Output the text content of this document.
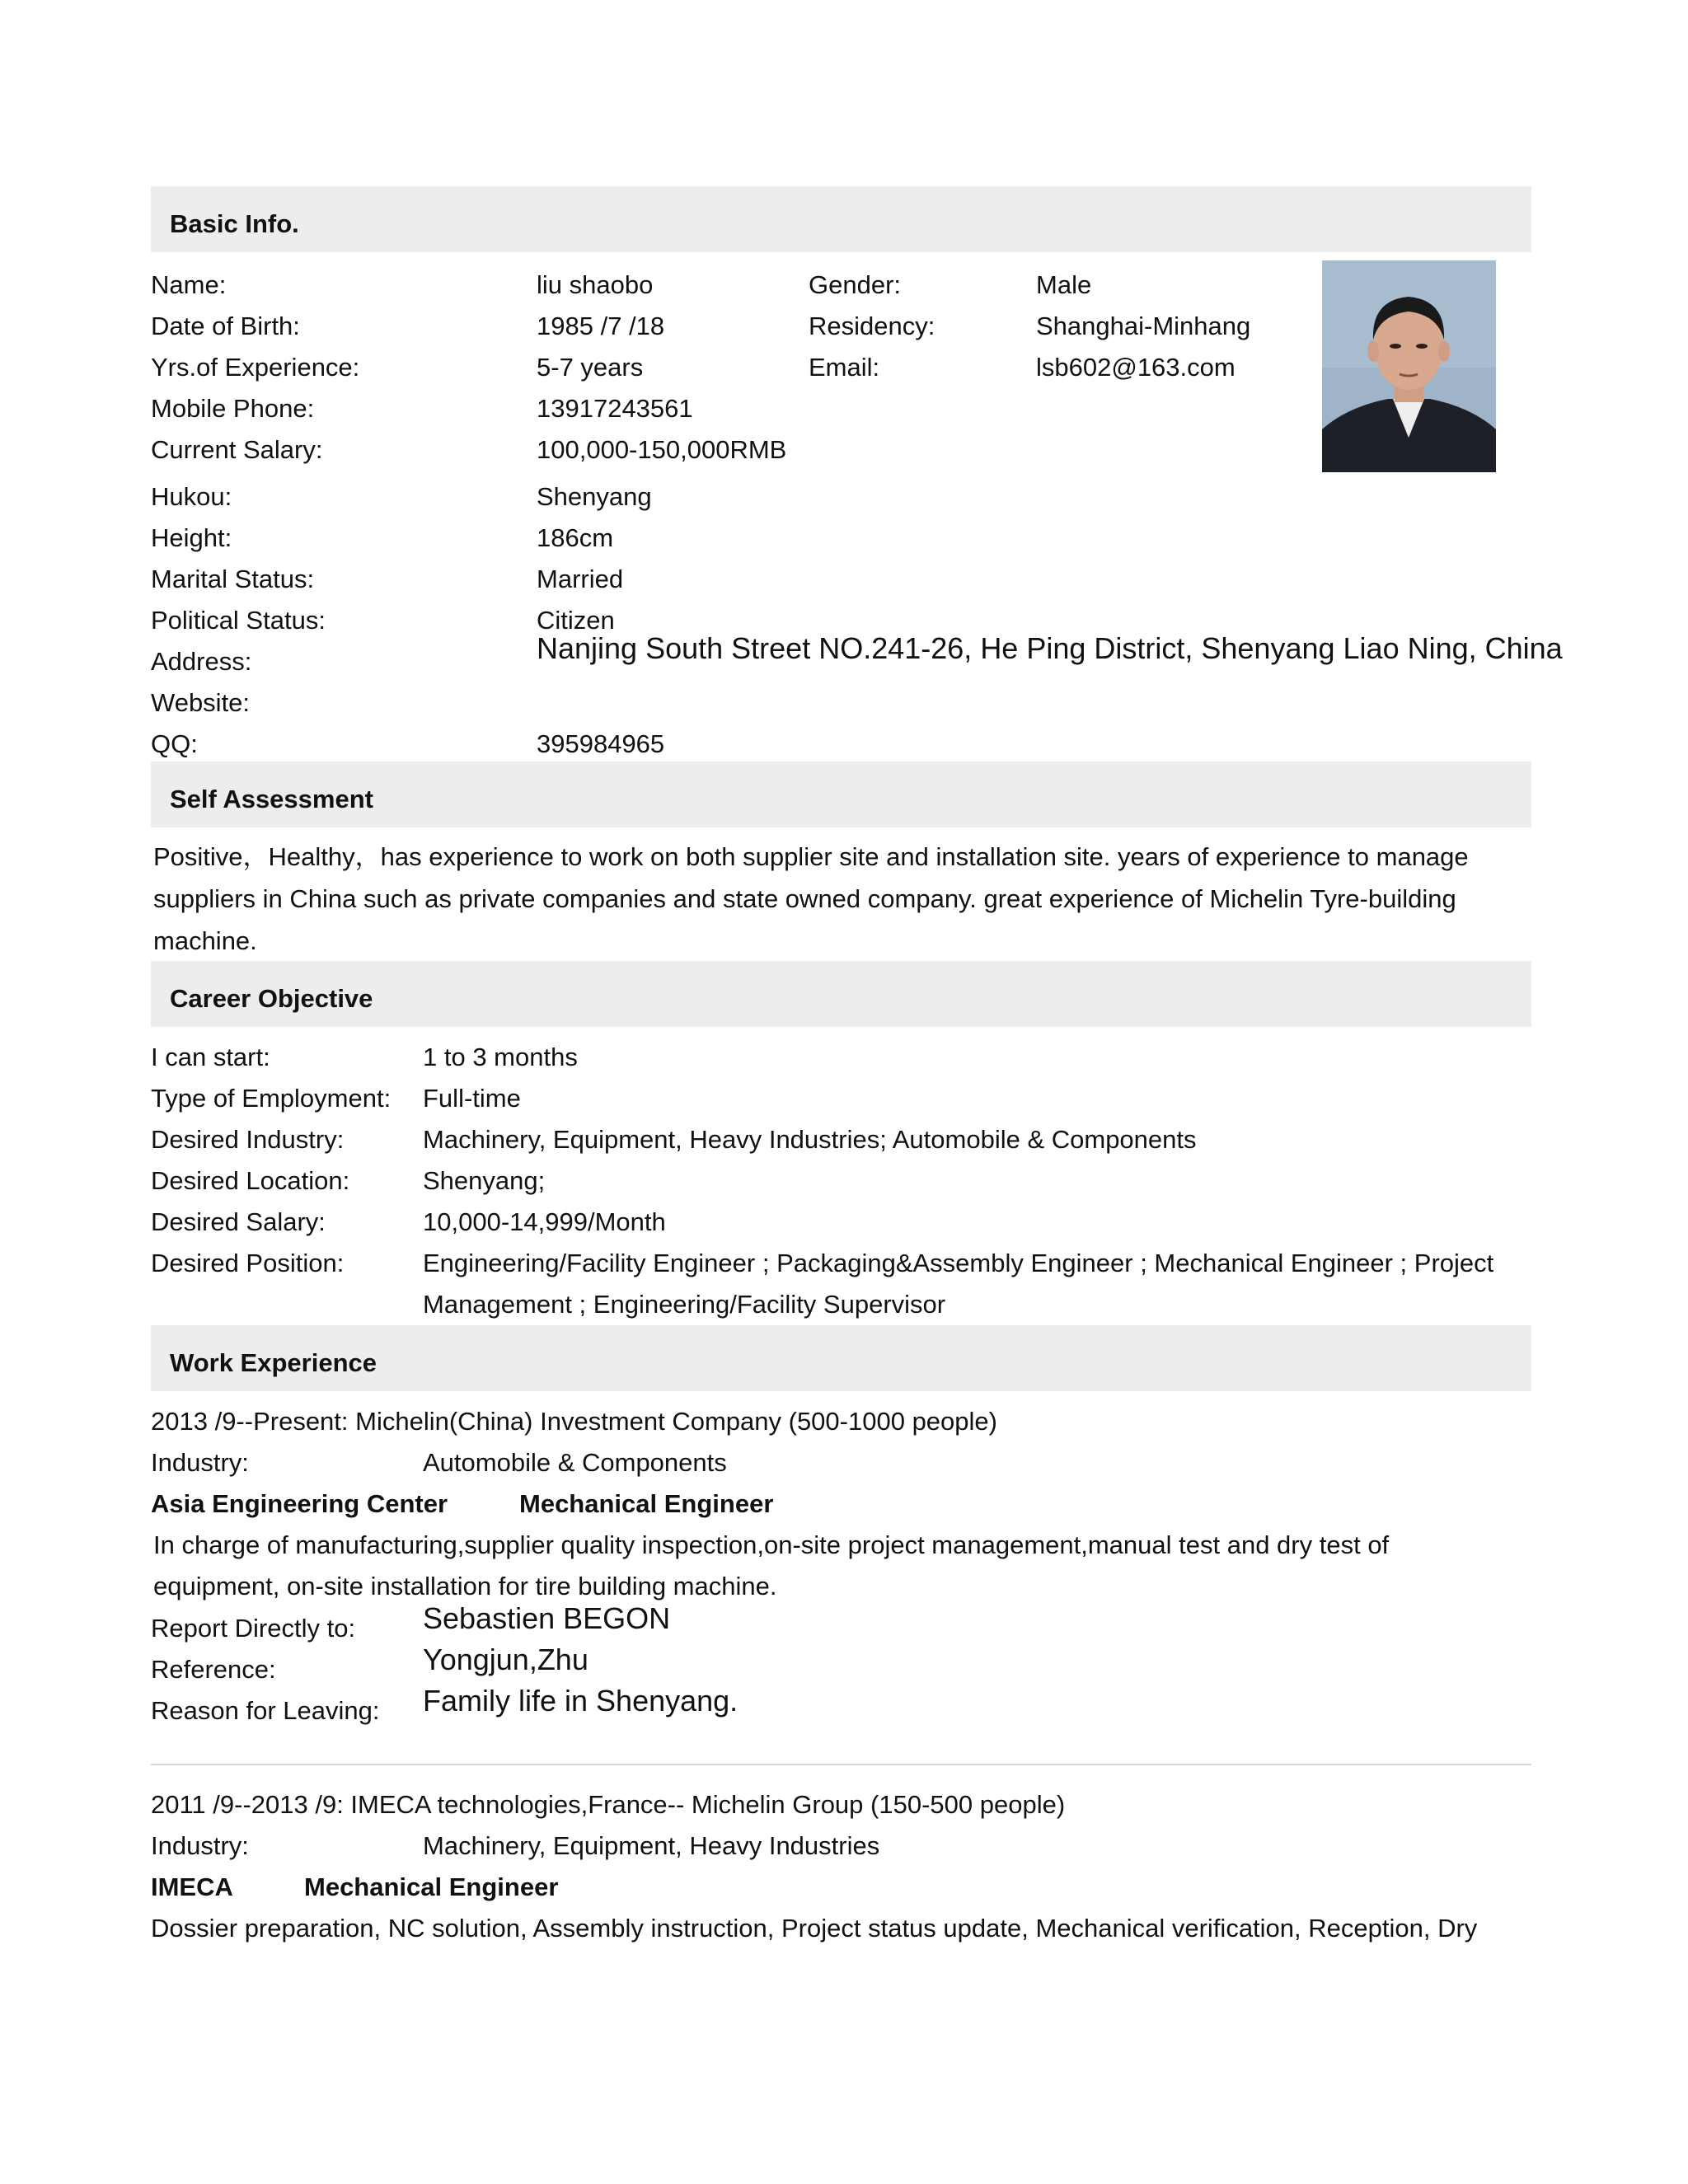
Basic Info.
Name:	liu shaobo	Gender:	Male
Date of Birth:	1985 /7 /18	Residency:	Shanghai-Minhang
Yrs.of Experience:	5-7 years	Email:	lsb602@163.com
Mobile Phone:	13917243561
Current Salary:	100,000-150,000RMB
Hukou:	Shenyang
Height:	186cm
Marital Status:	Married
Political Status:	Citizen
Address:	Nanjing South Street NO.241-26, He Ping District, Shenyang Liao Ning, China
Website:
QQ:	395984965
Self Assessment
Positive，Healthy，has experience to work on both supplier site and installation site. years of experience to manage suppliers in China such as private companies and state owned company. great experience of Michelin Tyre-building machine.
Career Objective
I can start:	1 to 3 months
Type of Employment: Full-time
Desired Industry:	Machinery, Equipment, Heavy Industries; Automobile & Components
Desired Location:	Shenyang;
Desired Salary:	10,000-14,999/Month
Desired Position:	Engineering/Facility Engineer ; Packaging&Assembly Engineer ; Mechanical Engineer ; Project
Management ; Engineering/Facility Supervisor
Work Experience
2013 /9--Present: Michelin(China) Investment Company (500-1000 people)
Industry:	Automobile & Components
Asia Engineering Center	Mechanical Engineer
In charge of manufacturing,supplier quality inspection,on-site project management,manual test and dry test of equipment, on-site installation for tire building machine.
Report Directly to: Sebastien BEGON
Reference:	Yongjun,Zhu
Reason for Leaving: Family life in Shenyang.
2011 /9--2013 /9: IMECA technologies,France-- Michelin Group (150-500 people)
Industry:	Machinery, Equipment, Heavy Industries
IMECA	Mechanical Engineer
Dossier preparation, NC solution, Assembly instruction, Project status update, Mechanical verification, Reception, Dry
